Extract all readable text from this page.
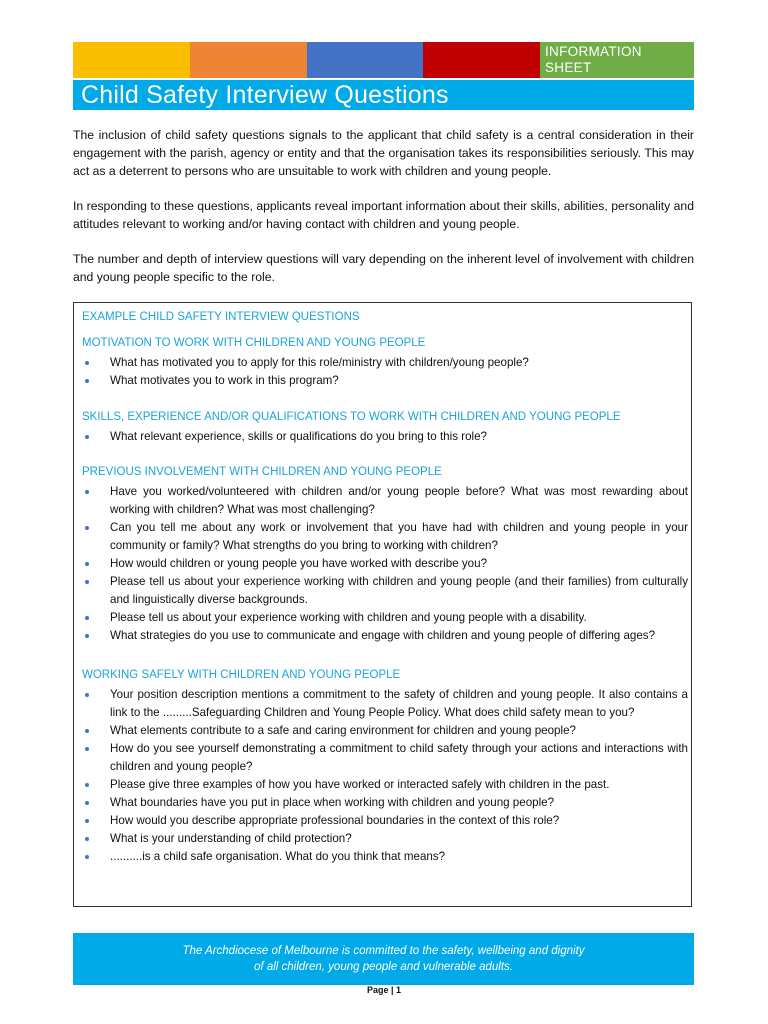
INFORMATION
SHEET
Child Safety Interview Questions

The inclusion of child safety questions signals to the applicant that child safety is a central consideration in their engagement with the parish, agency or entity and that the organisation takes its responsibilities seriously. This may act as a deterrent to persons who are unsuitable to work with children and young people.

In responding to these questions, applicants reveal important information about their skills, abilities, personality and attitudes relevant to working and/or having contact with children and young people.

The number and depth of interview questions will vary depending on the inherent level of involvement with children and young people specific to the role.

EXAMPLE CHILD SAFETY INTERVIEW QUESTIONS
MOTIVATION TO WORK WITH CHILDREN AND YOUNG PEOPLE
What has motivated you to apply for this role/ministry with children/young people?
What motivates you to work in this program?
SKILLS, EXPERIENCE AND/OR QUALIFICATIONS TO WORK WITH CHILDREN AND YOUNG PEOPLE
What relevant experience, skills or qualifications do you bring to this role?
PREVIOUS INVOLVEMENT WITH CHILDREN AND YOUNG PEOPLE
Have you worked/volunteered with children and/or young people before? What was most rewarding about working with children? What was most challenging?
Can you tell me about any work or involvement that you have had with children and young people in your community or family? What strengths do you bring to working with children?
How would children or young people you have worked with describe you?
Please tell us about your experience working with children and young people (and their families) from culturally and linguistically diverse backgrounds.
Please tell us about your experience working with children and young people with a disability.
What strategies do you use to communicate and engage with children and young people of differing ages?
WORKING SAFELY WITH CHILDREN AND YOUNG PEOPLE
Your position description mentions a commitment to the safety of children and young people. It also contains a link to the .........Safeguarding Children and Young People Policy. What does child safety mean to you?
What elements contribute to a safe and caring environment for children and young people?
How do you see yourself demonstrating a commitment to child safety through your actions and interactions with children and young people?
Please give three examples of how you have worked or interacted safely with children in the past.
What boundaries have you put in place when working with children and young people?
How would you describe appropriate professional boundaries in the context of this role?
What is your understanding of child protection?
..........is a child safe organisation. What do you think that means?
The Archdiocese of Melbourne is committed to the safety, wellbeing and dignity
of all children, young people and vulnerable adults.
Page | 1
